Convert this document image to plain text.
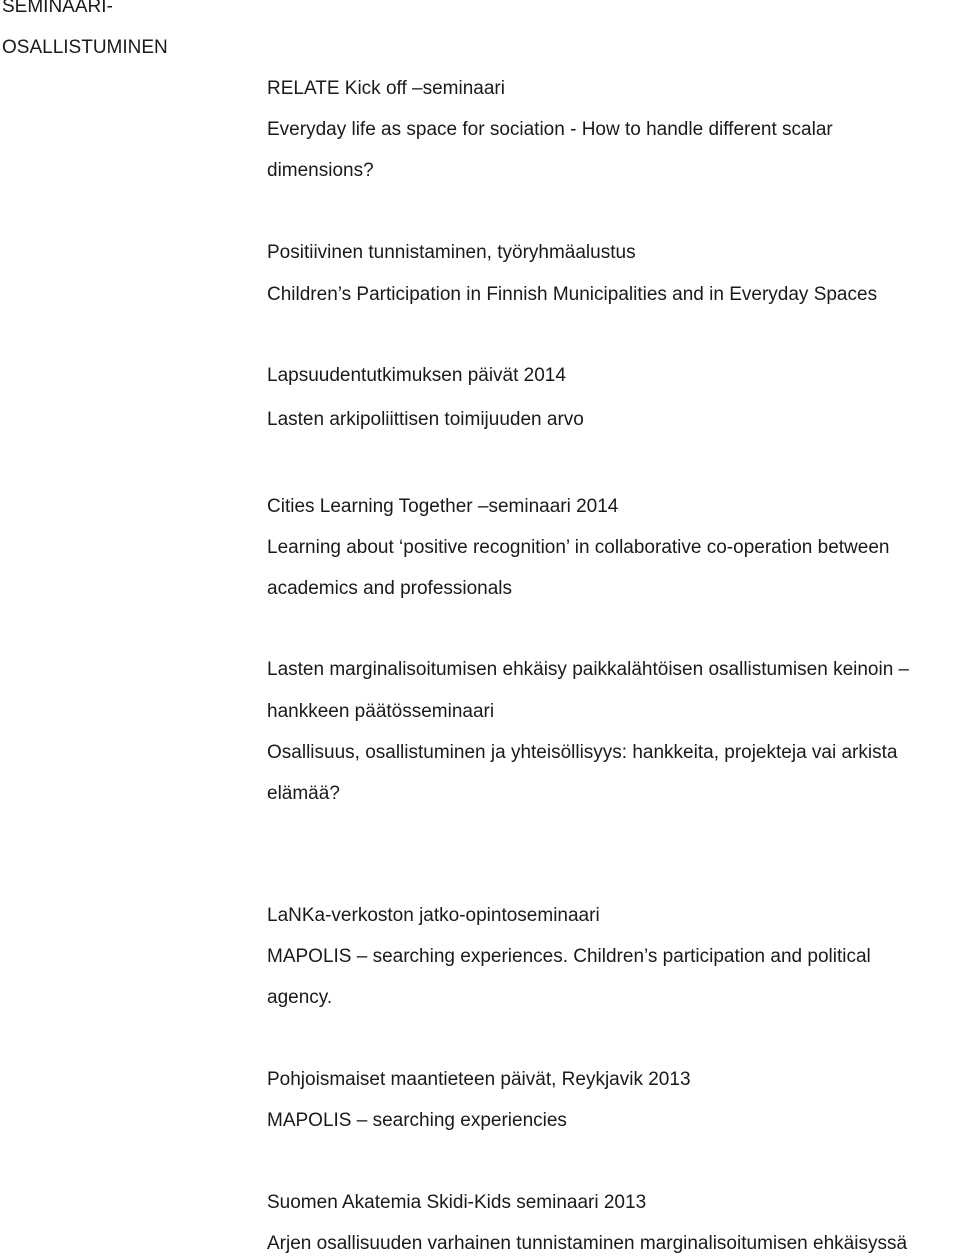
SEMINAARI-
OSALLISTUMINEN
RELATE Kick off –seminaari
Everyday life as space for sociation - How to handle different scalar
dimensions?
Positiivinen tunnistaminen, työryhmäalustus
Children’s Participation in Finnish Municipalities and in Everyday Spaces
Lapsuudentutkimuksen päivät 2014
Lasten arkipoliittisen toimijuuden arvo
Cities Learning Together –seminaari 2014
Learning about ‘positive recognition’ in collaborative co-operation between
academics and professionals
Lasten marginalisoitumisen ehkäisy paikkalähtöisen osallistumisen keinoin –
hankkeen päätösseminaari
Osallisuus, osallistuminen ja yhteisöllisyys: hankkeita, projekteja vai arkista
elämää?
LaNKa-verkoston jatko-opintoseminaari
MAPOLIS – searching experiences. Children’s participation and political
agency.
Pohjoismaiset maantieteen päivät, Reykjavik 2013
MAPOLIS – searching experiencies
Suomen Akatemia Skidi-Kids seminaari 2013
Arjen osallisuuden varhainen tunnistaminen marginalisoitumisen ehkäisyssä
